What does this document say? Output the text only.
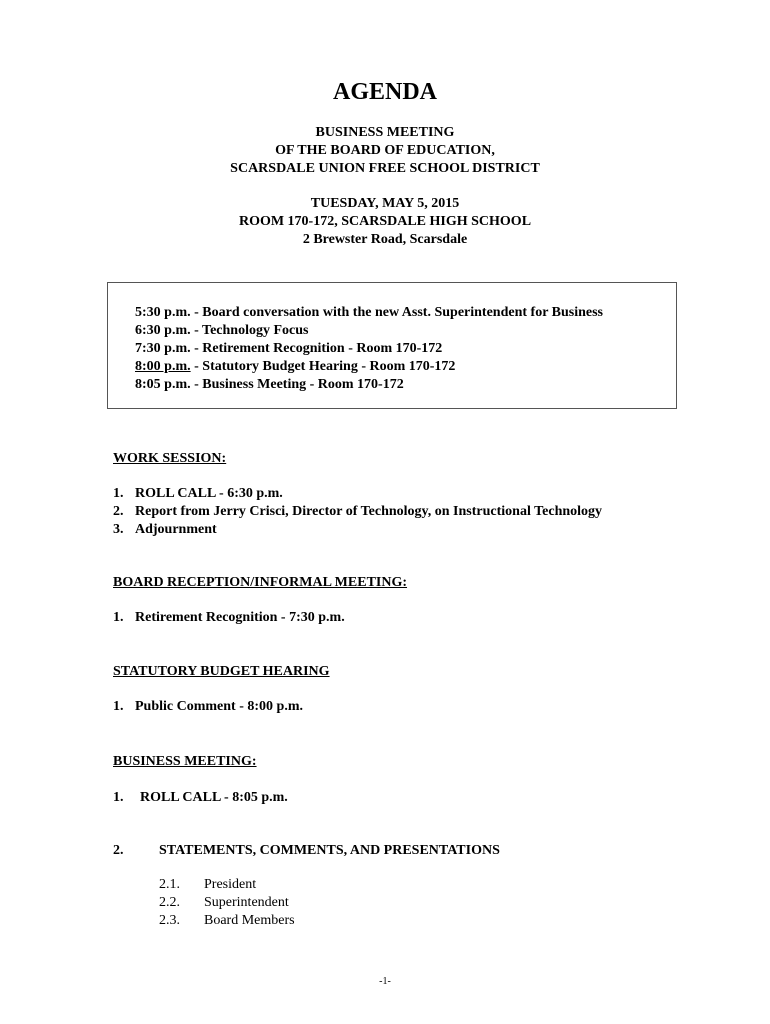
AGENDA
BUSINESS MEETING
OF THE BOARD OF EDUCATION,
SCARSDALE UNION FREE SCHOOL DISTRICT
TUESDAY, MAY 5, 2015
ROOM 170-172, SCARSDALE HIGH SCHOOL
2 Brewster Road, Scarsdale
5:30 p.m. - Board conversation with the new Asst. Superintendent for Business
6:30 p.m. - Technology Focus
7:30 p.m. - Retirement Recognition - Room 170-172
8:00 p.m. - Statutory Budget Hearing - Room 170-172
8:05 p.m. - Business Meeting - Room 170-172
WORK SESSION:
1. ROLL CALL - 6:30 p.m.
2. Report from Jerry Crisci, Director of Technology, on Instructional Technology
3. Adjournment
BOARD RECEPTION/INFORMAL MEETING:
1. Retirement Recognition - 7:30 p.m.
STATUTORY BUDGET HEARING
1. Public Comment - 8:00 p.m.
BUSINESS MEETING:
1. ROLL CALL - 8:05 p.m.
2.	STATEMENTS, COMMENTS, AND PRESENTATIONS
2.1. President
2.2. Superintendent
2.3. Board Members
-1-
